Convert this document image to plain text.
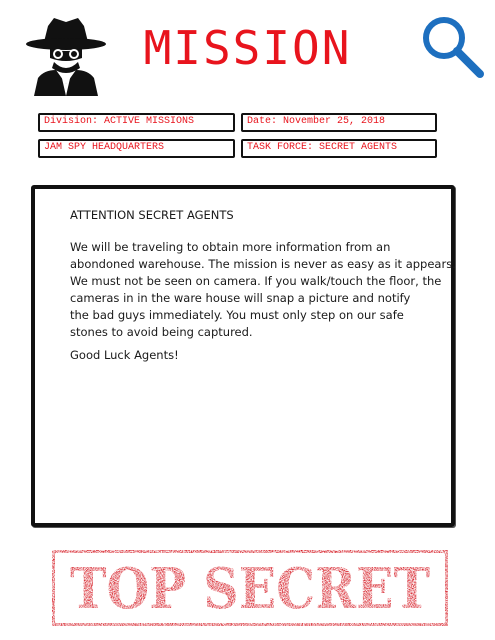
MISSION
Division: ACTIVE MISSIONS	Date: November 25, 2018
JAM SPY HEADQUARTERS	TASK FORCE: SECRET AGENTS
ATTENTION SECRET AGENTS
We will be traveling to obtain more information from an
abondoned warehouse. The mission is never as easy as it appears.
We must not be seen on camera. If you walk/touch the floor, the
cameras in in the ware house will snap a picture and notify
the bad guys immediately. You must only step on our safe
stones to avoid being captured.
Good Luck Agents!
TOP SECRET
